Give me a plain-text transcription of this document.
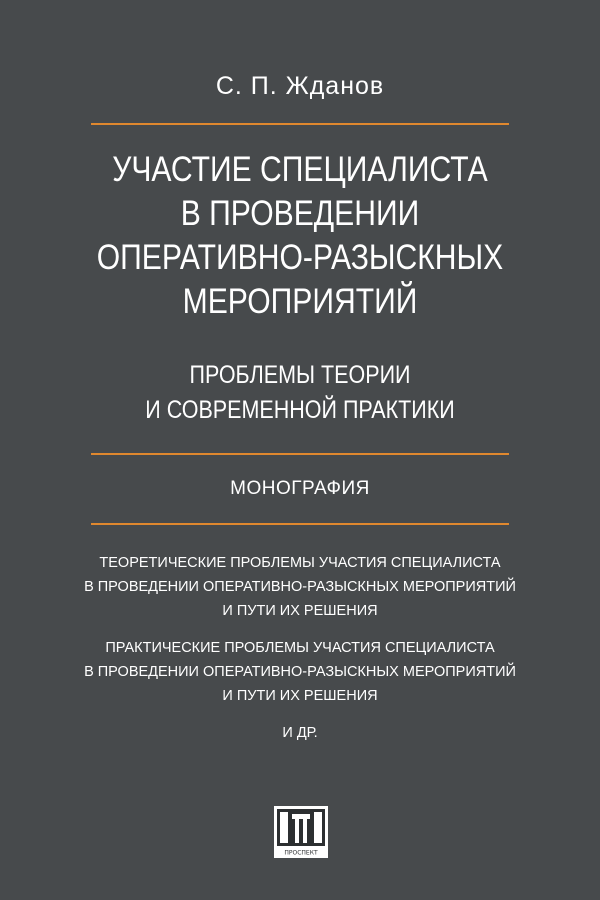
С. П. Жданов
УЧАСТИЕ СПЕЦИАЛИСТА
В ПРОВЕДЕНИИ
ОПЕРАТИВНО-РАЗЫСКНЫХ
МЕРОПРИЯТИЙ
ПРОБЛЕМЫ ТЕОРИИ
И СОВРЕМЕННОЙ ПРАКТИКИ
МОНОГРАФИЯ
ТЕОРЕТИЧЕСКИЕ ПРОБЛЕМЫ УЧАСТИЯ СПЕЦИАЛИСТА
В ПРОВЕДЕНИИ ОПЕРАТИВНО-РАЗЫСКНЫХ МЕРОПРИЯТИЙ
И ПУТИ ИХ РЕШЕНИЯ
ПРАКТИЧЕСКИЕ ПРОБЛЕМЫ УЧАСТИЯ СПЕЦИАЛИСТА
В ПРОВЕДЕНИИ ОПЕРАТИВНО-РАЗЫСКНЫХ МЕРОПРИЯТИЙ
И ПУТИ ИХ РЕШЕНИЯ
И ДР.
ПРОСПЕКТ
